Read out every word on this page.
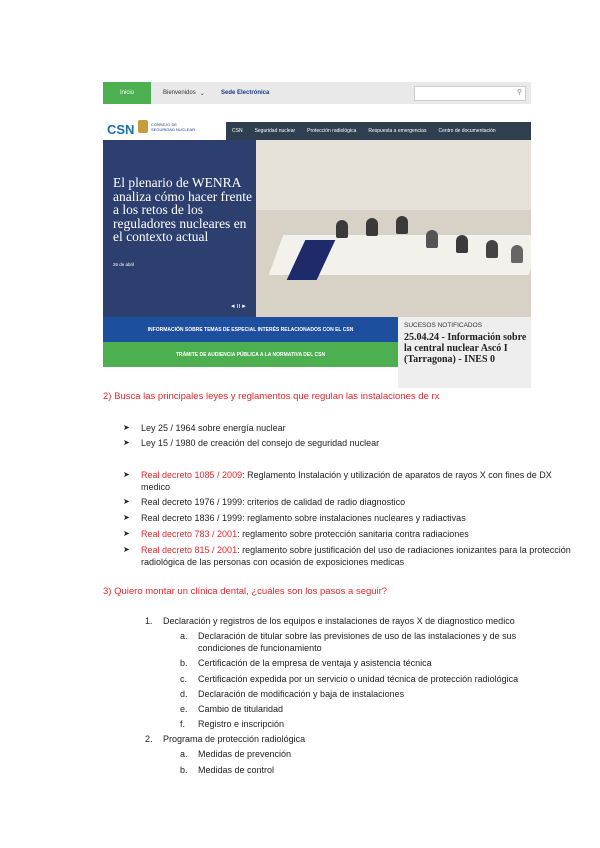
Inicio	Bienvenidos ⌄	Sede Electrónica	⚲
CSN	CONSEJO DE SEGURIDAD NUCLEAR	CSN	Seguridad nuclear	Protección radiológica	Respuesta a emergencias	Centro de documentación
El plenario de WENRA analiza cómo hacer frente a los retos de los reguladores nucleares en el contexto actual
26 de abril
◂ ıı ▸
INFORMACIÓN SOBRE TEMAS DE ESPECIAL INTERÉS RELACIONADOS CON EL CSN
TRÁMITE DE AUDIENCIA PÚBLICA A LA NORMATIVA DEL CSN
SUCESOS NOTIFICADOS
25.04.24 - Información sobre la central nuclear Ascó I (Tarragona) - INES 0
2) Busca las principales leyes y reglamentos que regulan las instalaciones de rx
➤ Ley 25 / 1964 sobre energía nuclear
➤ Ley 15 / 1980 de creación del consejo de seguridad nuclear
➤ Real decreto 1085 / 2009: Reglamento Instalación y utilización de aparatos de rayos X con fines de DX medico
➤ Real decreto 1976 / 1999: criterios de calidad de radio diagnostico
➤ Real decreto 1836 / 1999: reglamento sobre instalaciones nucleares y radiactivas
➤ Real decreto 783 / 2001: reglamento sobre protección sanitaria contra radiaciones
➤ Real decreto 815 / 2001: reglamento sobre justificación del uso de radiaciones ionizantes para la protección radiológica de las personas con ocasión de exposiciones medicas
3) Quiero montar un clínica dental, ¿cuáles son los pasos a seguir?
1. Declaración y registros de los equipos e instalaciones de rayos X de diagnostico medico
a. Declaración de titular sobre las previsiones de uso de las instalaciones y de sus condiciones de funcionamiento
b. Certificación de la empresa de ventaja y asistencia técnica
c. Certificación expedida por un servicio o unidad técnica de protección radiológica
d. Declaración de modificación y baja de instalaciones
e. Cambio de titularidad
f. Registro e inscripción
2. Programa de protección radiológica
a. Medidas de prevención
b. Medidas de control
